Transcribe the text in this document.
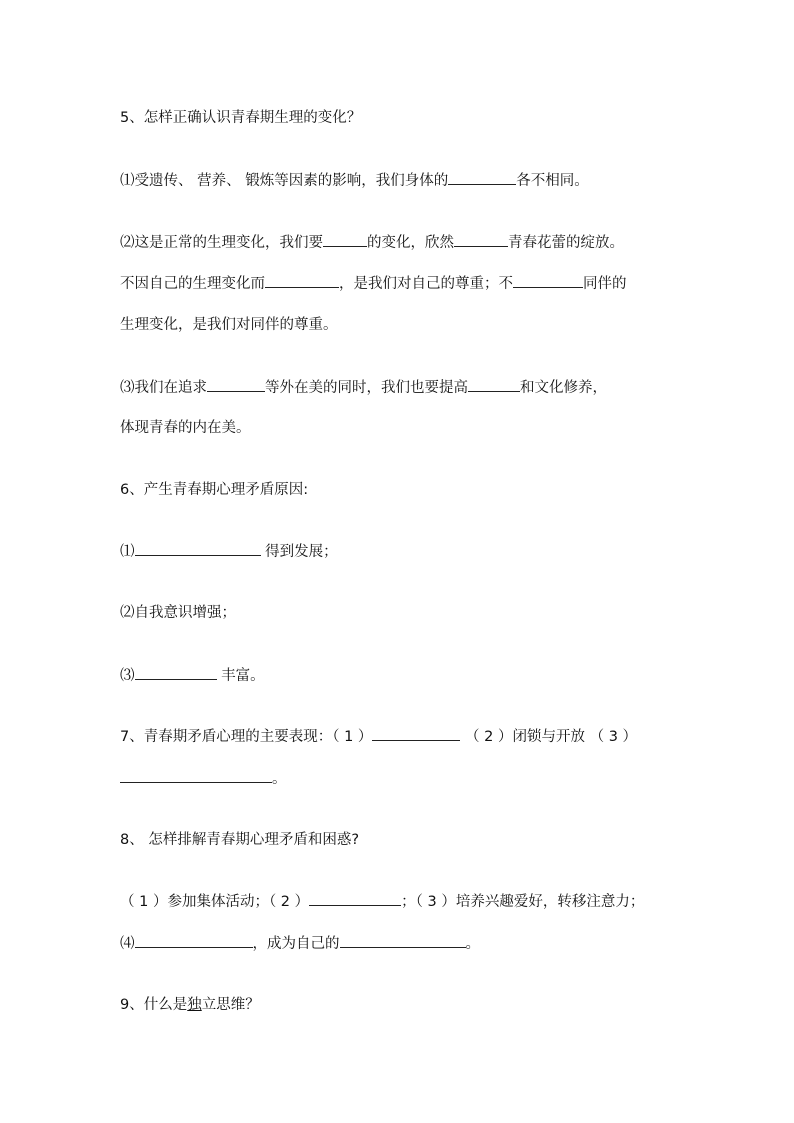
5、怎样正确认识青春期生理的变化？
⑴受遗传、 营养、 锻炼等因素的影响，我们身体的	各不相同。
⑵这是正常的生理变化，我们要	的变化，欣然	青春花蕾的绽放。
不因自己的生理变化而	，是我们对自己的尊重；不	同伴的
生理变化，是我们对同伴的尊重。
⑶我们在追求	等外在美的同时，我们也要提高	和文化修养，
体现青春的内在美。
6、产生青春期心理矛盾原因:
⑴	得到发展；
⑵自我意识增强；
⑶	丰富。
7、青春期矛盾心理的主要表现：（ 1 ）	（ 2 ）闭锁与开放 （ 3 ）
。
8、 怎样排解青春期心理矛盾和困惑?
（ 1 ）参加集体活动；（ 2 ）	；（ 3 ）培养兴趣爱好，转移注意力；
⑷	，成为自己的	。
9、什么是独立思维？
